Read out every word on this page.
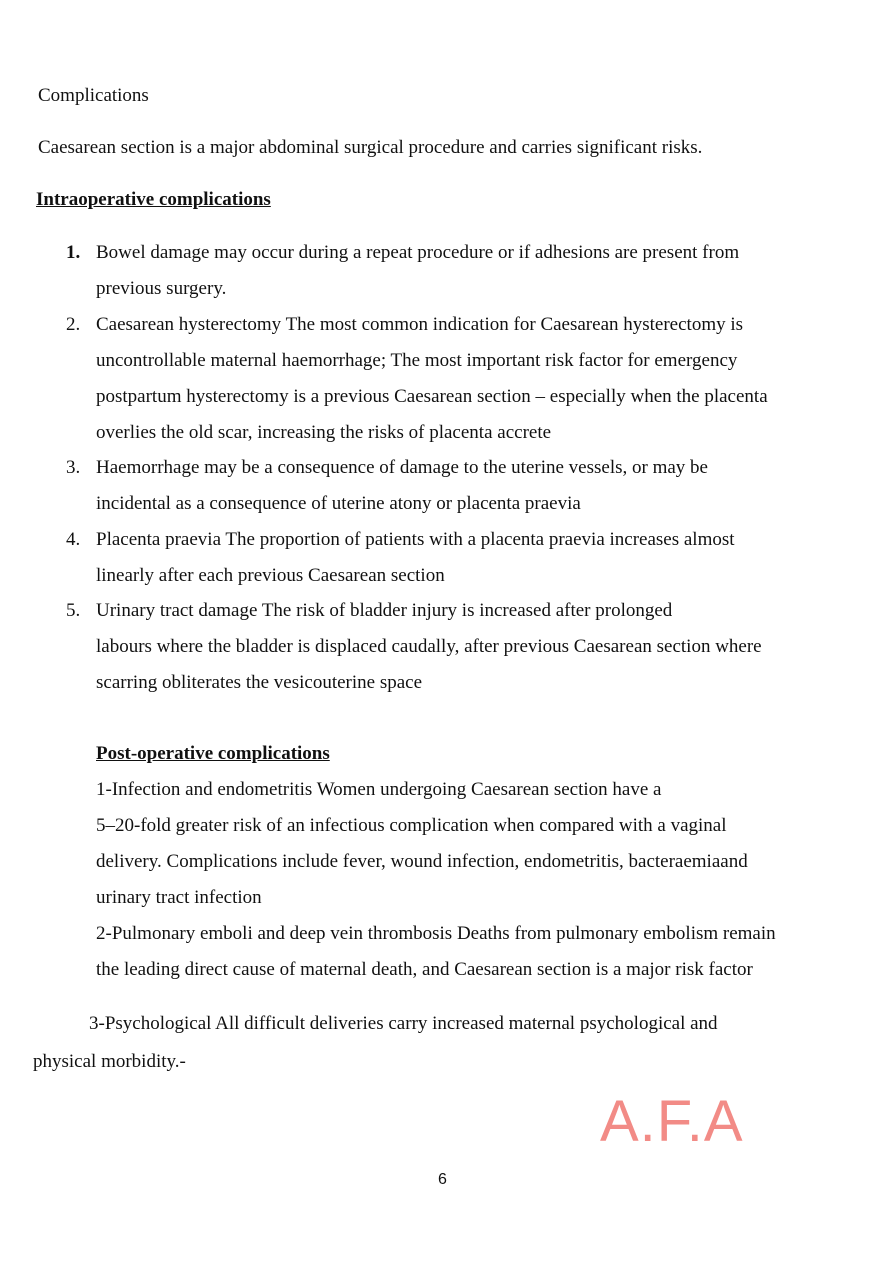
Complications
Caesarean section is a major abdominal surgical procedure and carries significant risks.
Intraoperative complications
1. Bowel damage may occur during a repeat procedure or if adhesions are present from
previous surgery.
2. Caesarean hysterectomy The most common indication for Caesarean hysterectomy is
uncontrollable maternal haemorrhage; The most important risk factor for emergency
postpartum hysterectomy is a previous Caesarean section – especially when the placenta
overlies the old scar, increasing the risks of placenta accrete
3. Haemorrhage may be a consequence of damage to the uterine vessels, or may be
incidental as a consequence of uterine atony or placenta praevia
4. Placenta praevia The proportion of patients with a placenta praevia increases almost
linearly after each previous Caesarean section
5. Urinary tract damage The risk of bladder injury is increased after prolonged
labours where the bladder is displaced caudally, after previous Caesarean section where
scarring obliterates the vesicouterine space
Post-operative complications
1-Infection and endometritis Women undergoing Caesarean section have a
5–20-fold greater risk of an infectious complication when compared with a vaginal
delivery. Complications include fever, wound infection, endometritis, bacteraemiaand
urinary tract infection
2-Pulmonary emboli and deep vein thrombosis Deaths from pulmonary embolism remain
the leading direct cause of maternal death, and Caesarean section is a major risk factor
3-Psychological All difficult deliveries carry increased maternal psychological and
physical morbidity.-
A.F.A
6
